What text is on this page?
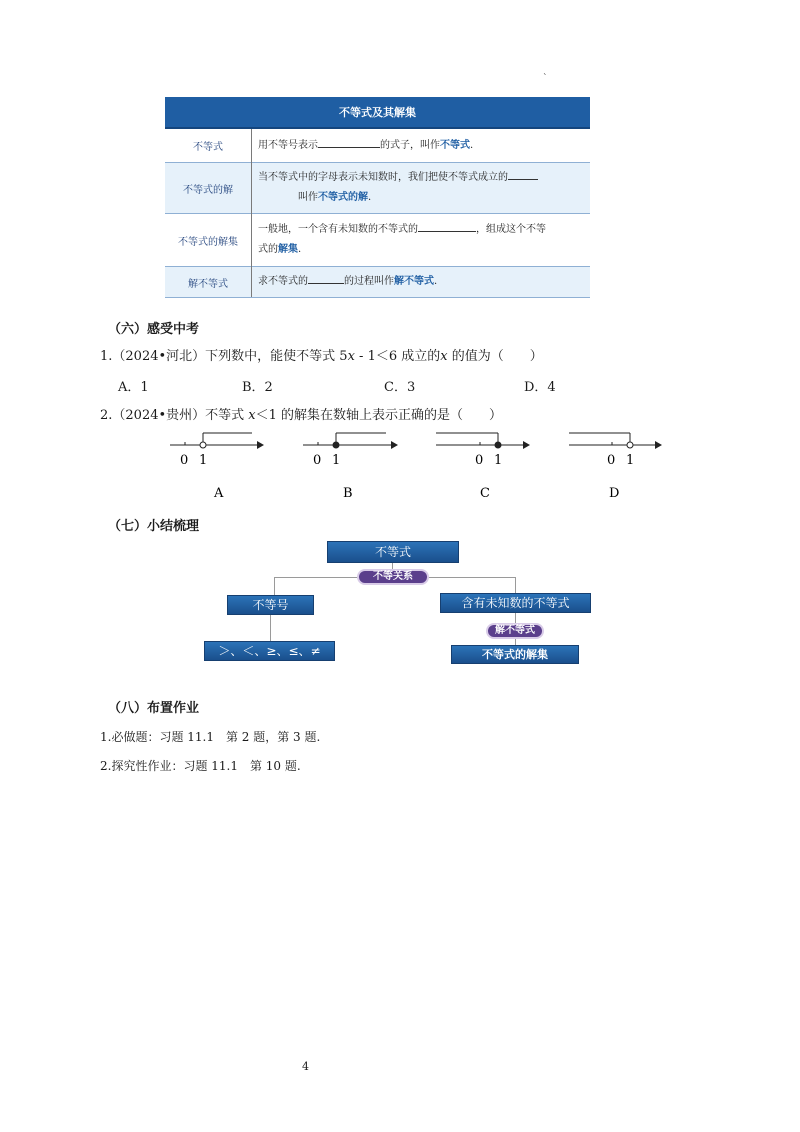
`
不等式及其解集	
不等式	用不等号表示 的式子，叫作不等式.
不等式的解	当不等式中的字母表示未知数时，我们把使不等式成立的
叫作不等式的解.
不等式的解集	一般地，一个含有未知数的不等式的 ，组成这个不等
式的解集.
解不等式	求不等式的 的过程叫作解不等式.
（六）感受中考
1.（2024•河北）下列数中，能使不等式 5x - 1＜6 成立的x 的值为（　　）
A．1	B．2	C．3	D．4
2.（2024•贵州）不等式 x＜1 的解集在数轴上表示正确的是（　　）
0 1
A
0 1
B
0 1
C
0 1
D
（七）小结梳理
不等式
不等关系
不等号
＞、＜、≥、≤、≠
含有未知数的不等式
解不等式
不等式的解集
（八）布置作业
1.必做题：习题 11.1　第 2 题，第 3 题.
2.探究性作业：习题 11.1　第 10 题.
4
